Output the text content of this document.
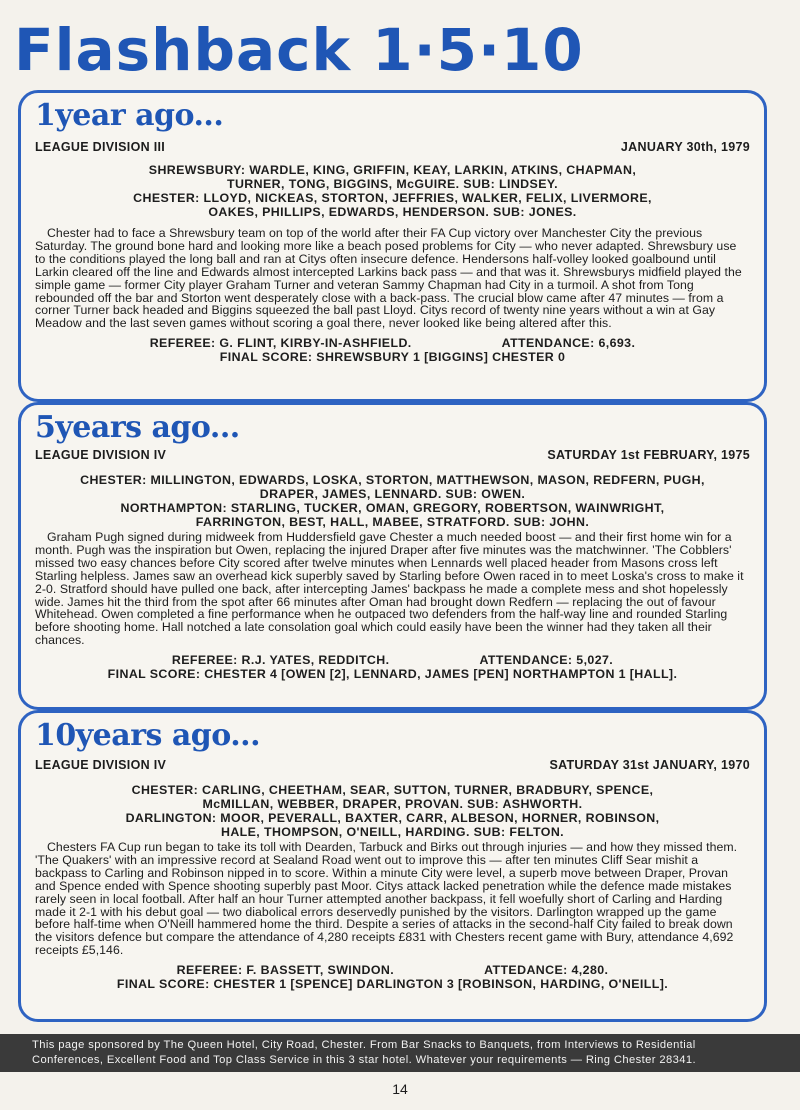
Flashback 1·5·10
1year ago...
LEAGUE DIVISION III	JANUARY 30th, 1979

SHREWSBURY: WARDLE, KING, GRIFFIN, KEAY, LARKIN, ATKINS, CHAPMAN,

TURNER, TONG, BIGGINS, McGUIRE. SUB: LINDSEY.

CHESTER: LLOYD, NICKEAS, STORTON, JEFFRIES, WALKER, FELIX, LIVERMORE,

OAKES, PHILLIPS, EDWARDS, HENDERSON. SUB: JONES.

Chester had to face a Shrewsbury team on top of the world after their FA Cup victory over Manchester City the previous Saturday. The ground bone hard and looking more like a beach posed problems for City — who never adapted. Shrewsbury use to the conditions played the long ball and ran at Citys often insecure defence. Hendersons half-volley looked goalbound until Larkin cleared off the line and Edwards almost intercepted Larkins back pass — and that was it. Shrewsburys midfield played the simple game — former City player Graham Turner and veteran Sammy Chapman had City in a turmoil. A shot from Tong rebounded off the bar and Storton went desperately close with a back-pass. The crucial blow came after 47 minutes — from a corner Turner back headed and Biggins squeezed the ball past Lloyd. Citys record of twenty nine years without a win at Gay Meadow and the last seven games without scoring a goal there, never looked like being altered after this.

REFEREE: G. FLINT, KIRBY-IN-ASHFIELD.	ATTENDANCE: 6,693.
FINAL SCORE: SHREWSBURY 1 [BIGGINS] CHESTER 0
5years ago...
LEAGUE DIVISION IV	SATURDAY 1st FEBRUARY, 1975

CHESTER: MILLINGTON, EDWARDS, LOSKA, STORTON, MATTHEWSON, MASON, REDFERN, PUGH,

DRAPER, JAMES, LENNARD. SUB: OWEN.

NORTHAMPTON: STARLING, TUCKER, OMAN, GREGORY, ROBERTSON, WAINWRIGHT,

FARRINGTON, BEST, HALL, MABEE, STRATFORD. SUB: JOHN.

Graham Pugh signed during midweek from Huddersfield gave Chester a much needed boost — and their first home win for a month. Pugh was the inspiration but Owen, replacing the injured Draper after five minutes was the matchwinner. 'The Cobblers' missed two easy chances before City scored after twelve minutes when Lennards well placed header from Masons cross left Starling helpless. James saw an overhead kick superbly saved by Starling before Owen raced in to meet Loska's cross to make it 2-0. Stratford should have pulled one back, after intercepting James' backpass he made a complete mess and shot hopelessly wide. James hit the third from the spot after 66 minutes after Oman had brought down Redfern — replacing the out of favour Whitehead. Owen completed a fine performance when he outpaced two defenders from the half-way line and rounded Starling before shooting home. Hall notched a late consolation goal which could easily have been the winner had they taken all their chances.

REFEREE: R.J. YATES, REDDITCH.	ATTENDANCE: 5,027.
FINAL SCORE: CHESTER 4 [OWEN [2], LENNARD, JAMES [PEN] NORTHAMPTON 1 [HALL].
10years ago...
LEAGUE DIVISION IV	SATURDAY 31st JANUARY, 1970

CHESTER: CARLING, CHEETHAM, SEAR, SUTTON, TURNER, BRADBURY, SPENCE,

McMILLAN, WEBBER, DRAPER, PROVAN. SUB: ASHWORTH.

DARLINGTON: MOOR, PEVERALL, BAXTER, CARR, ALBESON, HORNER, ROBINSON,

HALE, THOMPSON, O'NEILL, HARDING. SUB: FELTON.

Chesters FA Cup run began to take its toll with Dearden, Tarbuck and Birks out through injuries — and how they missed them. 'The Quakers' with an impressive record at Sealand Road went out to improve this — after ten minutes Cliff Sear mishit a backpass to Carling and Robinson nipped in to score. Within a minute City were level, a superb move between Draper, Provan and Spence ended with Spence shooting superbly past Moor. Citys attack lacked penetration while the defence made mistakes rarely seen in local football. After half an hour Turner attempted another backpass, it fell woefully short of Carling and Harding made it 2-1 with his debut goal — two diabolical errors deservedly punished by the visitors. Darlington wrapped up the game before half-time when O'Neill hammered home the third. Despite a series of attacks in the second-half City failed to break down the visitors defence but compare the attendance of 4,280 receipts £831 with Chesters recent game with Bury, attendance 4,692 receipts £5,146.

REFEREE: F. BASSETT, SWINDON.	ATTEDANCE: 4,280.
FINAL SCORE: CHESTER 1 [SPENCE] DARLINGTON 3 [ROBINSON, HARDING, O'NEILL].
This page sponsored by The Queen Hotel, City Road, Chester. From Bar Snacks to Banquets, from Interviews to Residential
Conferences, Excellent Food and Top Class Service in this 3 star hotel. Whatever your requirements — Ring Chester 28341.
14
